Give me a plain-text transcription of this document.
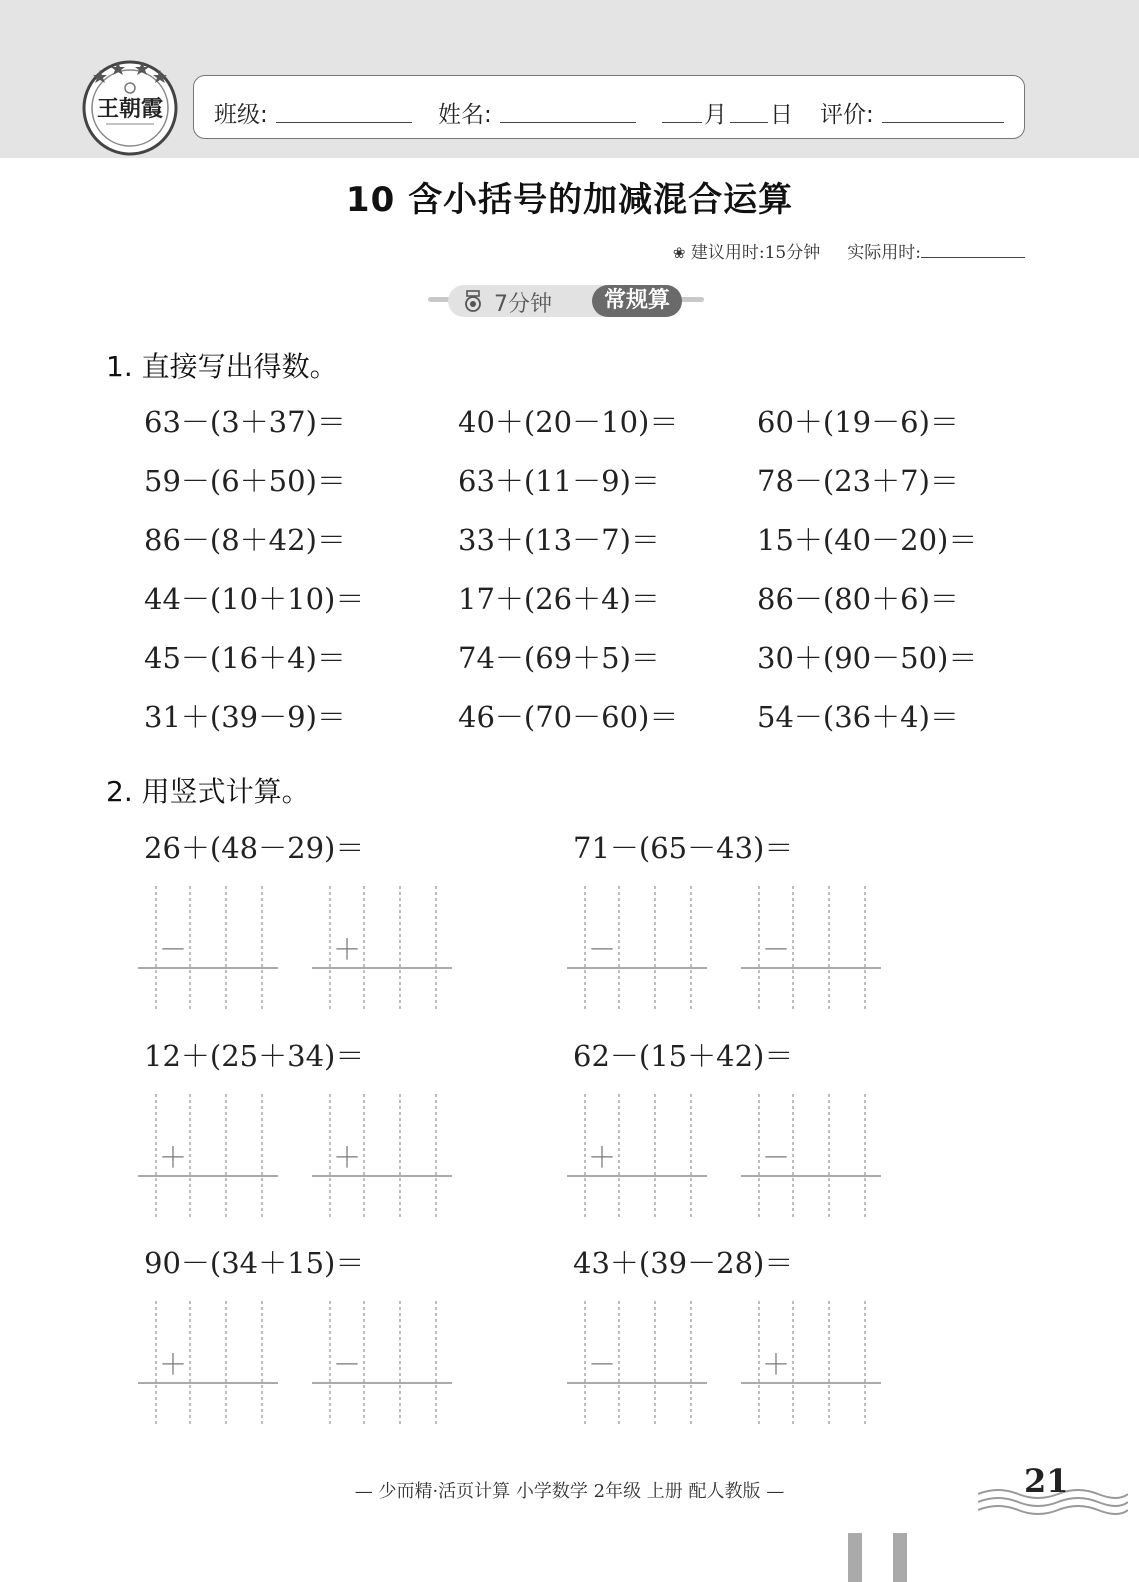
王朝霞 班级:	姓名:	月 日 评价:
10 含小括号的加减混合运算
❀ 建议用时:15分钟 实际用时:
7分钟	常规算
1. 直接写出得数。
63－(3＋37)＝	40＋(20－10)＝	60＋(19－6)＝
59－(6＋50)＝	63＋(11－9)＝	78－(23＋7)＝
86－(8＋42)＝	33＋(13－7)＝	15＋(40－20)＝
44－(10＋10)＝	17＋(26＋4)＝	86－(80＋6)＝
45－(16＋4)＝	74－(69＋5)＝	30＋(90－50)＝
31＋(39－9)＝	46－(70－60)＝	54－(36＋4)＝
2. 用竖式计算。
26＋(48－29)＝
－	＋
71－(65－43)＝
－	－
12＋(25＋34)＝
＋	＋
62－(15＋42)＝
＋	－
90－(34＋15)＝
＋	－
43＋(39－28)＝
－	＋
— 少而精·活页计算 小学数学 2年级 上册 配人教版 —	21
